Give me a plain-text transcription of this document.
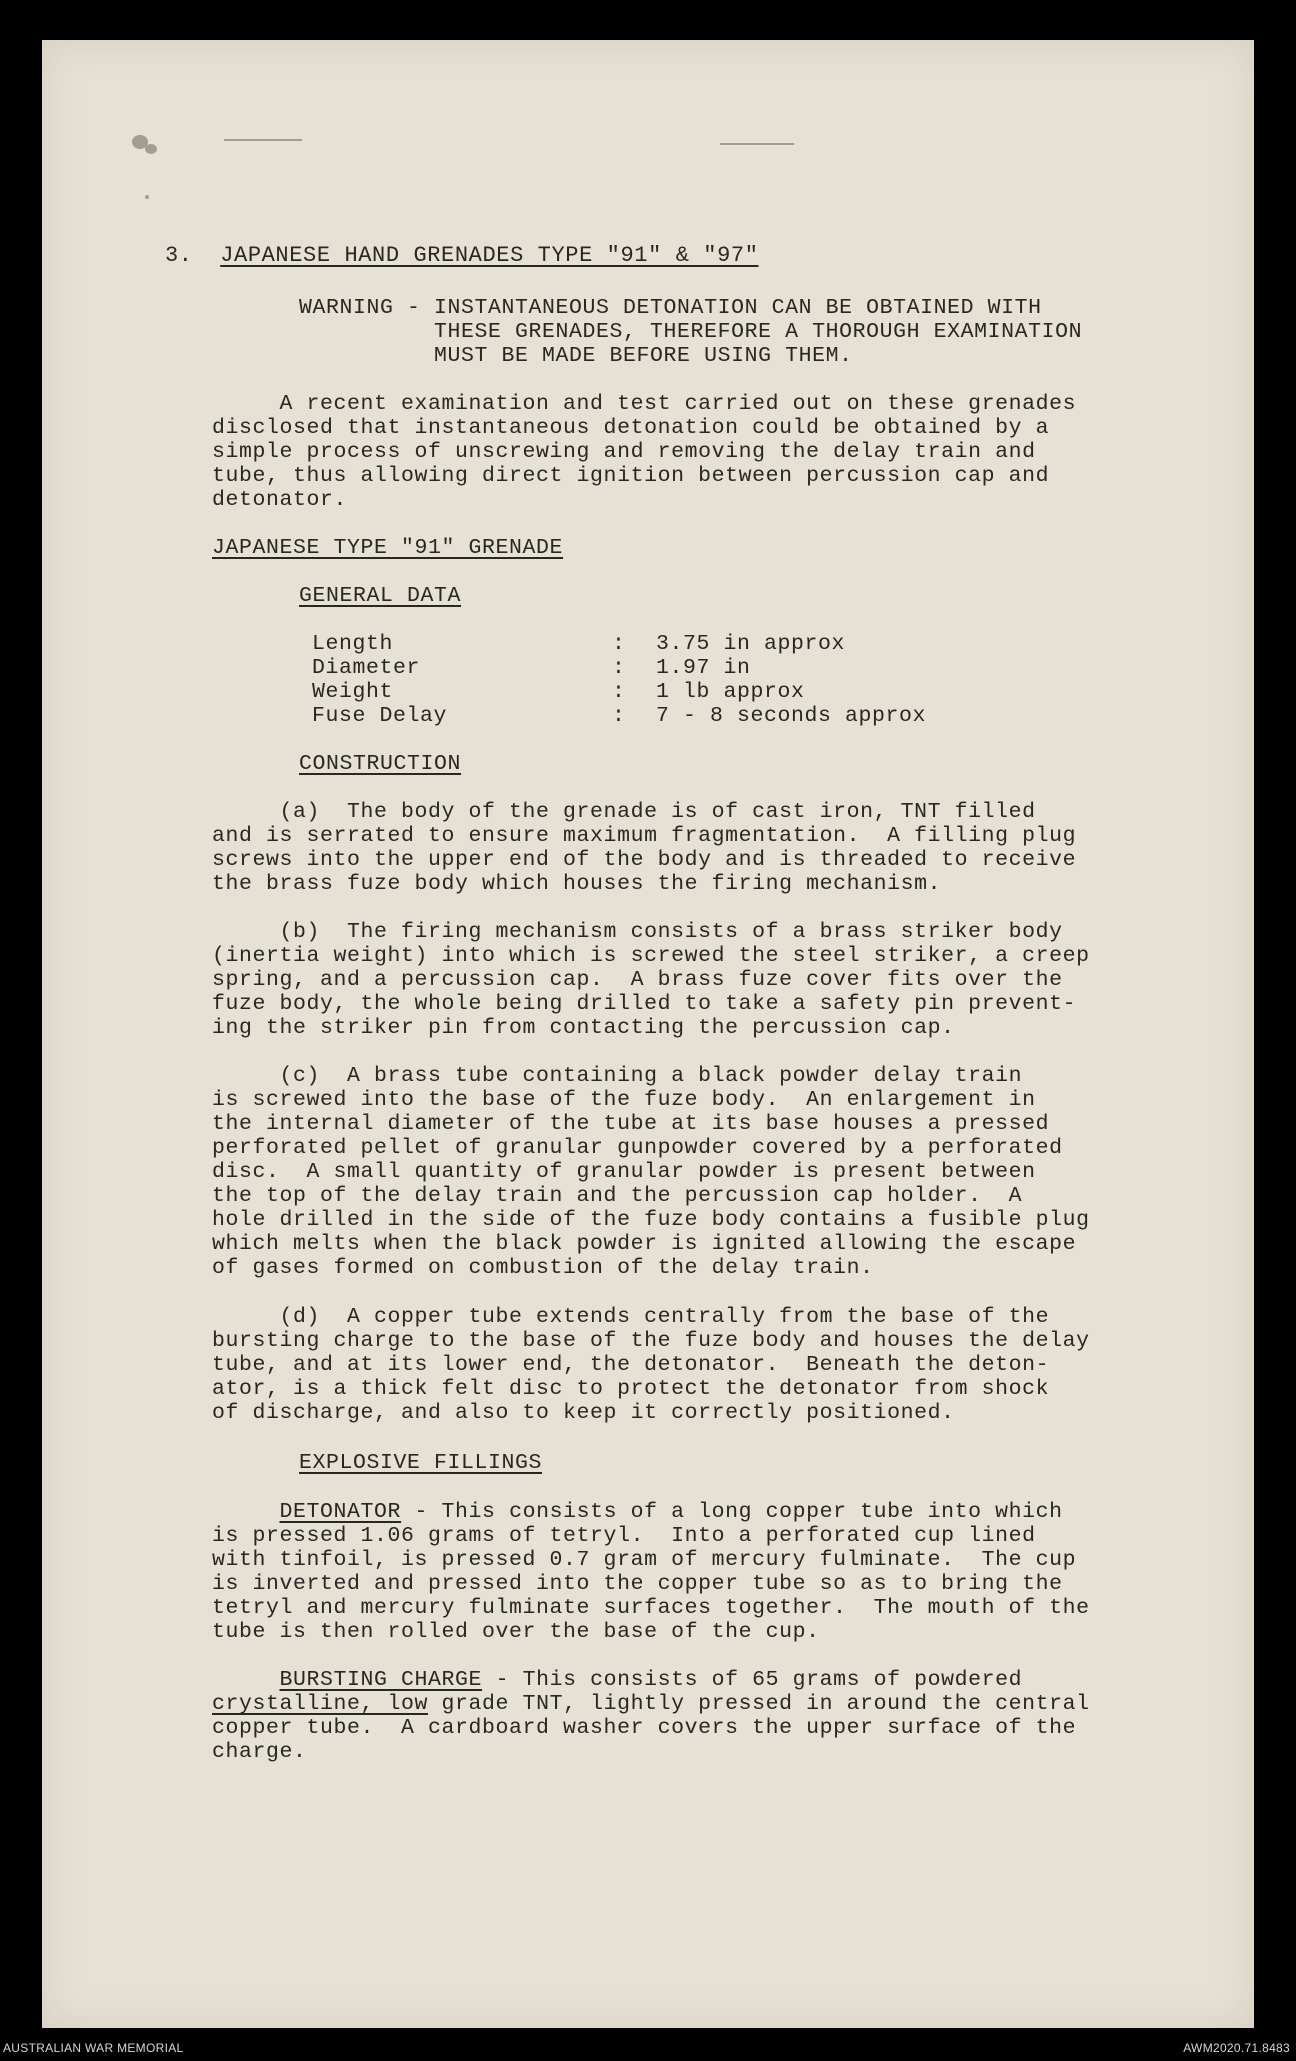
3. JAPANESE HAND GRENADES TYPE "91" & "97"
WARNING - INSTANTANEOUS DETONATION CAN BE OBTAINED WITH
THESE GRENADES, THEREFORE A THOROUGH EXAMINATION
MUST BE MADE BEFORE USING THEM.
A recent examination and test carried out on these grenades
disclosed that instantaneous detonation could be obtained by a
simple process of unscrewing and removing the delay train and
tube, thus allowing direct ignition between percussion cap and
detonator.
JAPANESE TYPE "91" GRENADE
GENERAL DATA
Length	:	3.75 in approx
Diameter	:	1.97 in
Weight	:	1 lb approx
Fuse Delay	:	7 - 8 seconds approx
CONSTRUCTION
(a)  The body of the grenade is of cast iron, TNT filled
and is serrated to ensure maximum fragmentation.  A filling plug
screws into the upper end of the body and is threaded to receive
the brass fuze body which houses the firing mechanism.
(b)  The firing mechanism consists of a brass striker body
(inertia weight) into which is screwed the steel striker, a creep
spring, and a percussion cap.  A brass fuze cover fits over the
fuze body, the whole being drilled to take a safety pin prevent-
ing the striker pin from contacting the percussion cap.
(c)  A brass tube containing a black powder delay train
is screwed into the base of the fuze body.  An enlargement in
the internal diameter of the tube at its base houses a pressed
perforated pellet of granular gunpowder covered by a perforated
disc.  A small quantity of granular powder is present between
the top of the delay train and the percussion cap holder.  A
hole drilled in the side of the fuze body contains a fusible plug
which melts when the black powder is ignited allowing the escape
of gases formed on combustion of the delay train.
(d)  A copper tube extends centrally from the base of the
bursting charge to the base of the fuze body and houses the delay
tube, and at its lower end, the detonator.  Beneath the deton-
ator, is a thick felt disc to protect the detonator from shock
of discharge, and also to keep it correctly positioned.
EXPLOSIVE FILLINGS
DETONATOR - This consists of a long copper tube into which
is pressed 1.06 grams of tetryl.  Into a perforated cup lined
with tinfoil, is pressed 0.7 gram of mercury fulminate.  The cup
is inverted and pressed into the copper tube so as to bring the
tetryl and mercury fulminate surfaces together.  The mouth of the
tube is then rolled over the base of the cup.
BURSTING CHARGE - This consists of 65 grams of powdered
crystalline, low grade TNT, lightly pressed in around the central
copper tube.  A cardboard washer covers the upper surface of the
charge.
AUSTRALIAN WAR MEMORIAL	AWM2020.71.8483
